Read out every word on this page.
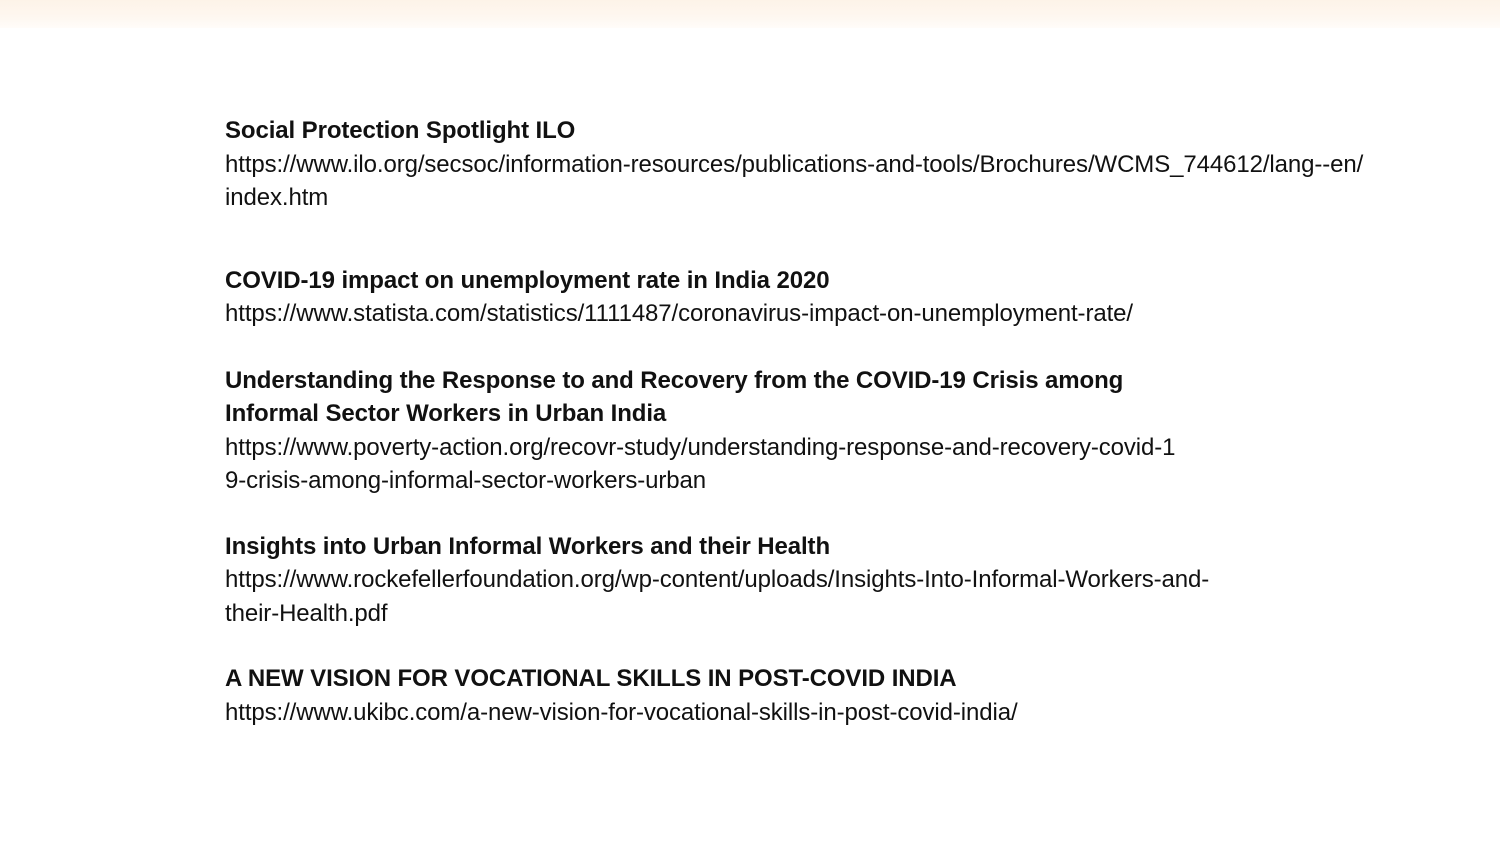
Social Protection Spotlight ILO
https://www.ilo.org/secsoc/information-resources/publications-and-tools/Brochures/WCMS_744612/lang--en/index.htm
COVID-19 impact on unemployment rate in India 2020
https://www.statista.com/statistics/1111487/coronavirus-impact-on-unemployment-rate/
Understanding the Response to and Recovery from the COVID-19 Crisis among Informal Sector Workers in Urban India
https://www.poverty-action.org/recovr-study/understanding-response-and-recovery-covid-19-crisis-among-informal-sector-workers-urban
Insights into Urban Informal Workers and their Health
https://www.rockefellerfoundation.org/wp-content/uploads/Insights-Into-Informal-Workers-and-their-Health.pdf
A NEW VISION FOR VOCATIONAL SKILLS IN POST-COVID INDIA
https://www.ukibc.com/a-new-vision-for-vocational-skills-in-post-covid-india/
